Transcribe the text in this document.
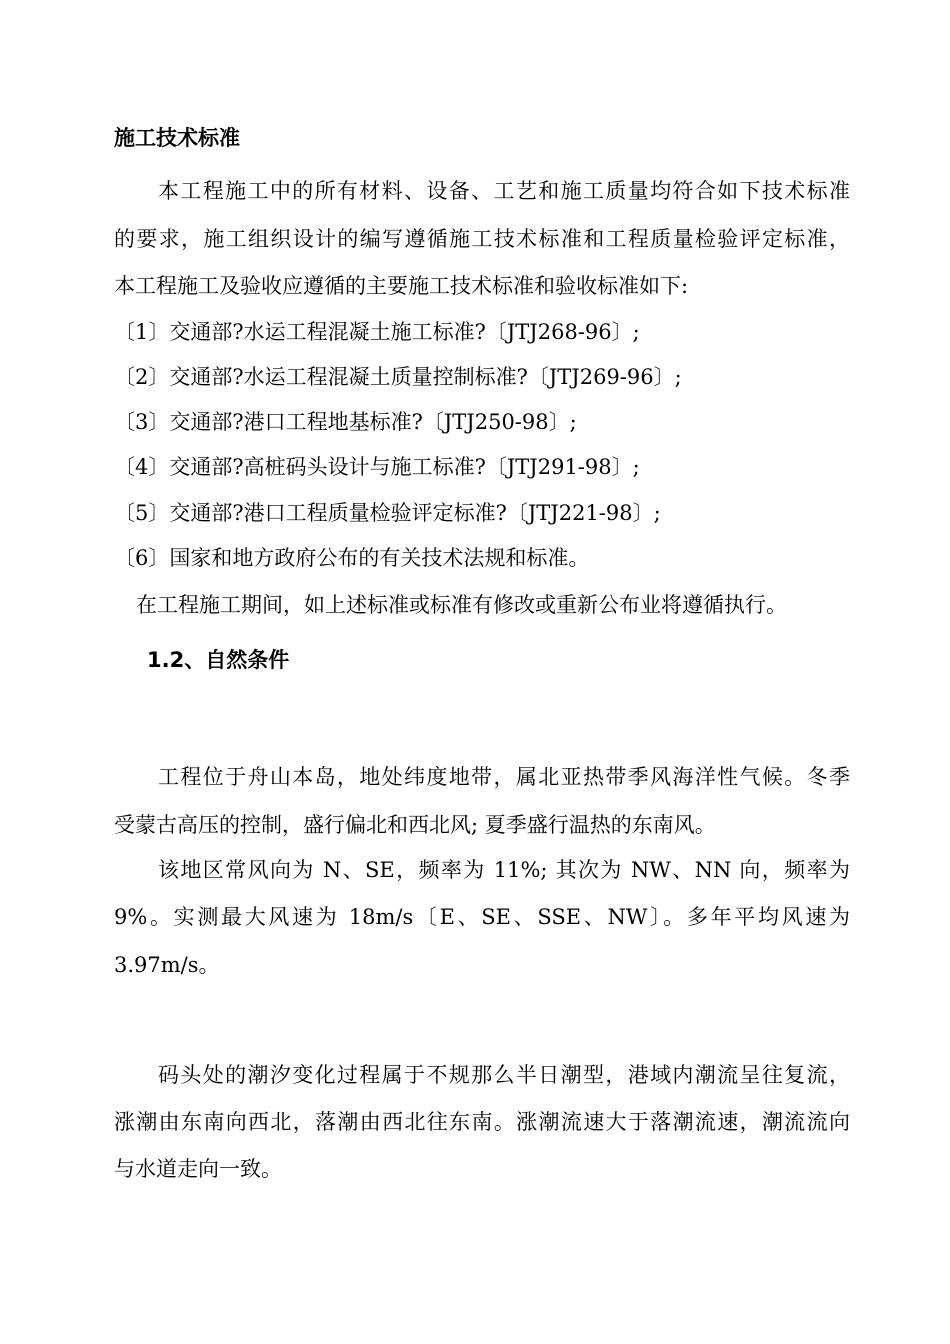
施工技术标准
本工程施工中的所有材料、设备、工艺和施工质量均符合如下技术标准
的要求，施工组织设计的编写遵循施工技术标准和工程质量检验评定标准，
本工程施工及验收应遵循的主要施工技术标准和验收标准如下:
〔1〕交通部?水运工程混凝土施工标准?〔JTJ268-96〕;
〔2〕交通部?水运工程混凝土质量控制标准?〔JTJ269-96〕;
〔3〕交通部?港口工程地基标准?〔JTJ250-98〕;
〔4〕交通部?高桩码头设计与施工标准?〔JTJ291-98〕;
〔5〕交通部?港口工程质量检验评定标准?〔JTJ221-98〕;
〔6〕国家和地方政府公布的有关技术法规和标准。
在工程施工期间，如上述标准或标准有修改或重新公布业将遵循执行。
1.2、自然条件
工程位于舟山本岛，地处纬度地带，属北亚热带季风海洋性气候。冬季
受蒙古高压的控制，盛行偏北和西北风; 夏季盛行温热的东南风。
该地区常风向为 N、SE，频率为 11%; 其次为 NW、NN 向，频率为
9%。实测最大风速为 18m/s〔E、SE、SSE、NW〕。多年平均风速为
3.97m/s。
码头处的潮汐变化过程属于不规那么半日潮型，港域内潮流呈往复流，
涨潮由东南向西北，落潮由西北往东南。涨潮流速大于落潮流速，潮流流向
与水道走向一致。
